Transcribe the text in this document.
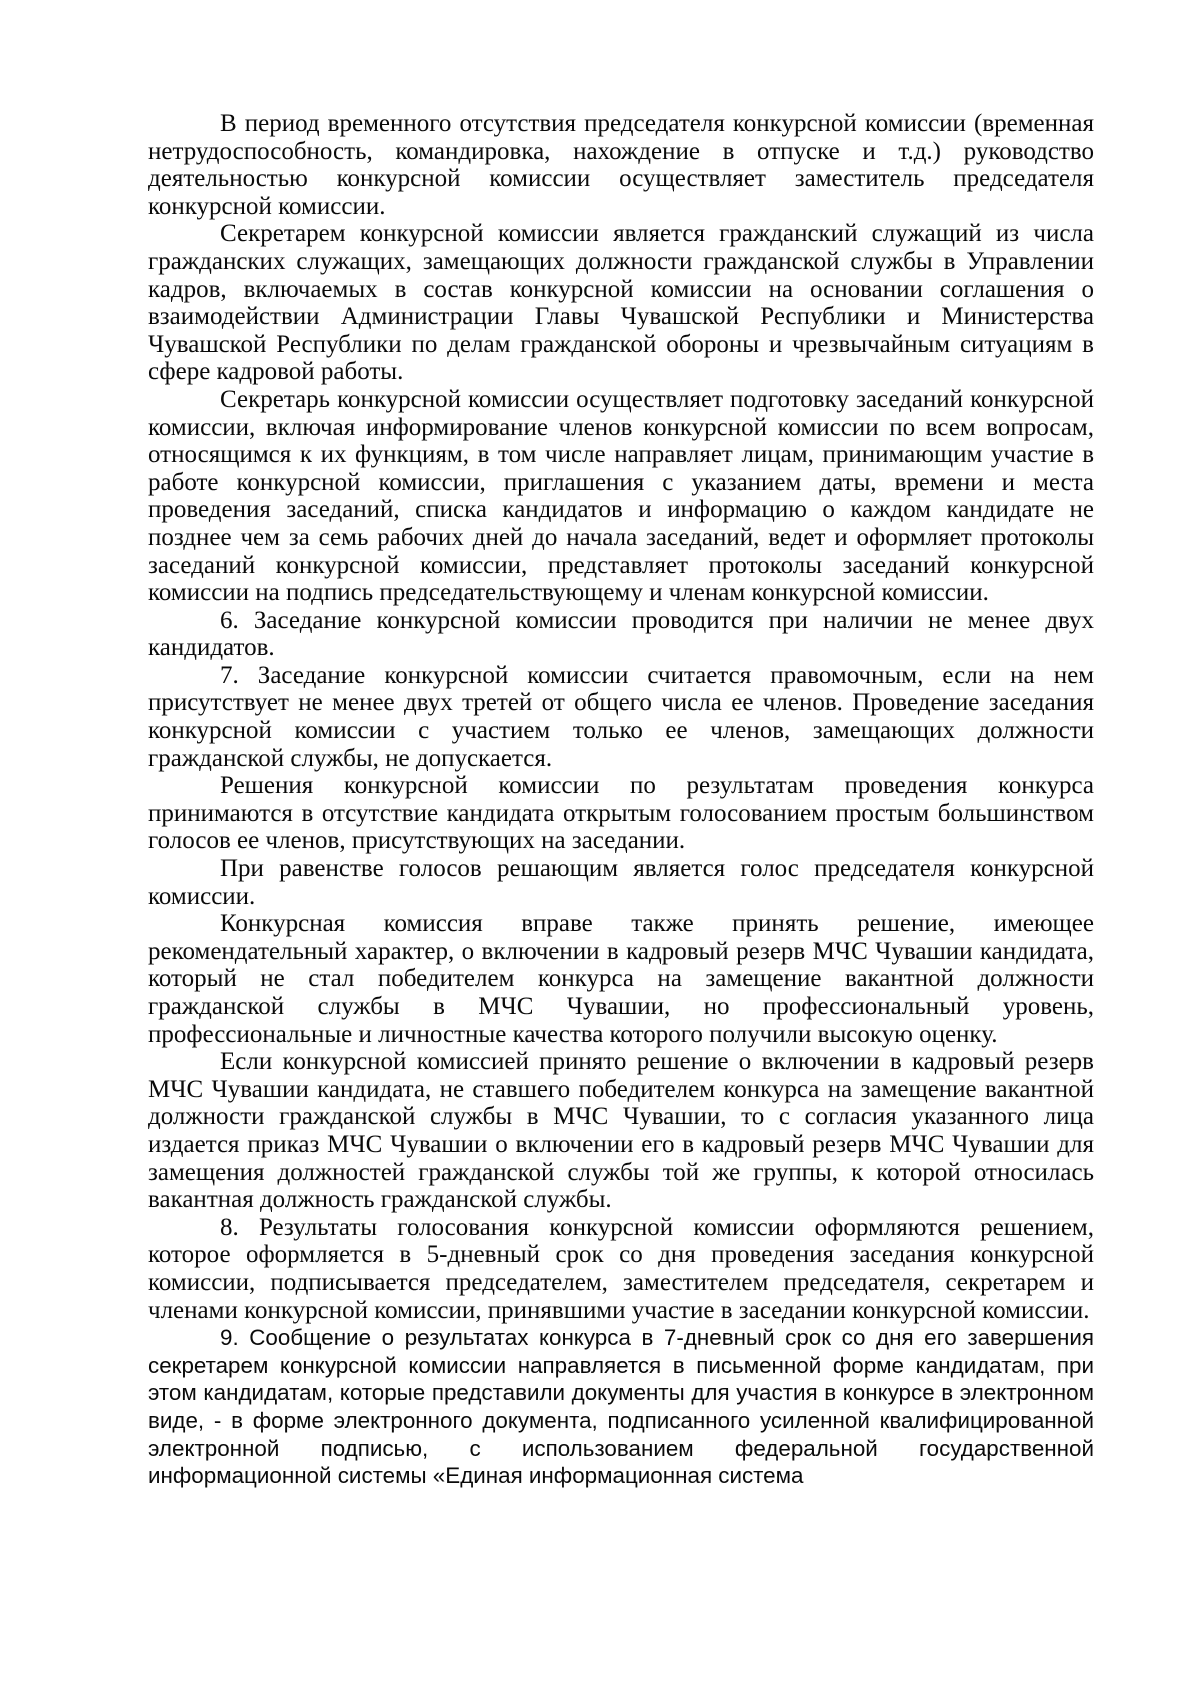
В период временного отсутствия председателя конкурсной комиссии (временная нетрудоспособность, командировка, нахождение в отпуске и т.д.) руководство деятельностью конкурсной комиссии осуществляет заместитель председателя конкурсной комиссии.

Секретарем конкурсной комиссии является гражданский служащий из числа гражданских служащих, замещающих должности гражданской службы в Управлении кадров, включаемых в состав конкурсной комиссии на основании соглашения о взаимодействии Администрации Главы Чувашской Республики и Министерства Чувашской Республики по делам гражданской обороны и чрезвычайным ситуациям в сфере кадровой работы.

Секретарь конкурсной комиссии осуществляет подготовку заседаний конкурсной комиссии, включая информирование членов конкурсной комиссии по всем вопросам, относящимся к их функциям, в том числе направляет лицам, принимающим участие в работе конкурсной комиссии, приглашения с указанием даты, времени и места проведения заседаний, списка кандидатов и информацию о каждом кандидате не позднее чем за семь рабочих дней до начала заседаний, ведет и оформляет протоколы заседаний конкурсной комиссии, представляет протоколы заседаний конкурсной комиссии на подпись председательствующему и членам конкурсной комиссии.

6. Заседание конкурсной комиссии проводится при наличии не менее двух кандидатов.

7. Заседание конкурсной комиссии считается правомочным, если на нем присутствует не менее двух третей от общего числа ее членов. Проведение заседания конкурсной комиссии с участием только ее членов, замещающих должности гражданской службы, не допускается.

Решения конкурсной комиссии по результатам проведения конкурса принимаются в отсутствие кандидата открытым голосованием простым большинством голосов ее членов, присутствующих на заседании.

При равенстве голосов решающим является голос председателя конкурсной комиссии.

Конкурсная комиссия вправе также принять решение, имеющее рекомендательный характер, о включении в кадровый резерв МЧС Чувашии кандидата, который не стал победителем конкурса на замещение вакантной должности гражданской службы в МЧС Чувашии, но профессиональный уровень, профессиональные и личностные качества которого получили высокую оценку.

Если конкурсной комиссией принято решение о включении в кадровый резерв МЧС Чувашии кандидата, не ставшего победителем конкурса на замещение вакантной должности гражданской службы в МЧС Чувашии, то с согласия указанного лица издается приказ МЧС Чувашии о включении его в кадровый резерв МЧС Чувашии для замещения должностей гражданской службы той же группы, к которой относилась вакантная должность гражданской службы.

8. Результаты голосования конкурсной комиссии оформляются решением, которое оформляется в 5-дневный срок со дня проведения заседания конкурсной комиссии, подписывается председателем, заместителем председателя, секретарем и членами конкурсной комиссии, принявшими участие в заседании конкурсной комиссии.

9. Сообщение о результатах конкурса в 7-дневный срок со дня его завершения секретарем конкурсной комиссии направляется в письменной форме кандидатам, при этом кандидатам, которые представили документы для участия в конкурсе в электронном виде, - в форме электронного документа, подписанного усиленной квалифицированной электронной подписью, с использованием федеральной государственной информационной системы «Единая информационная система
